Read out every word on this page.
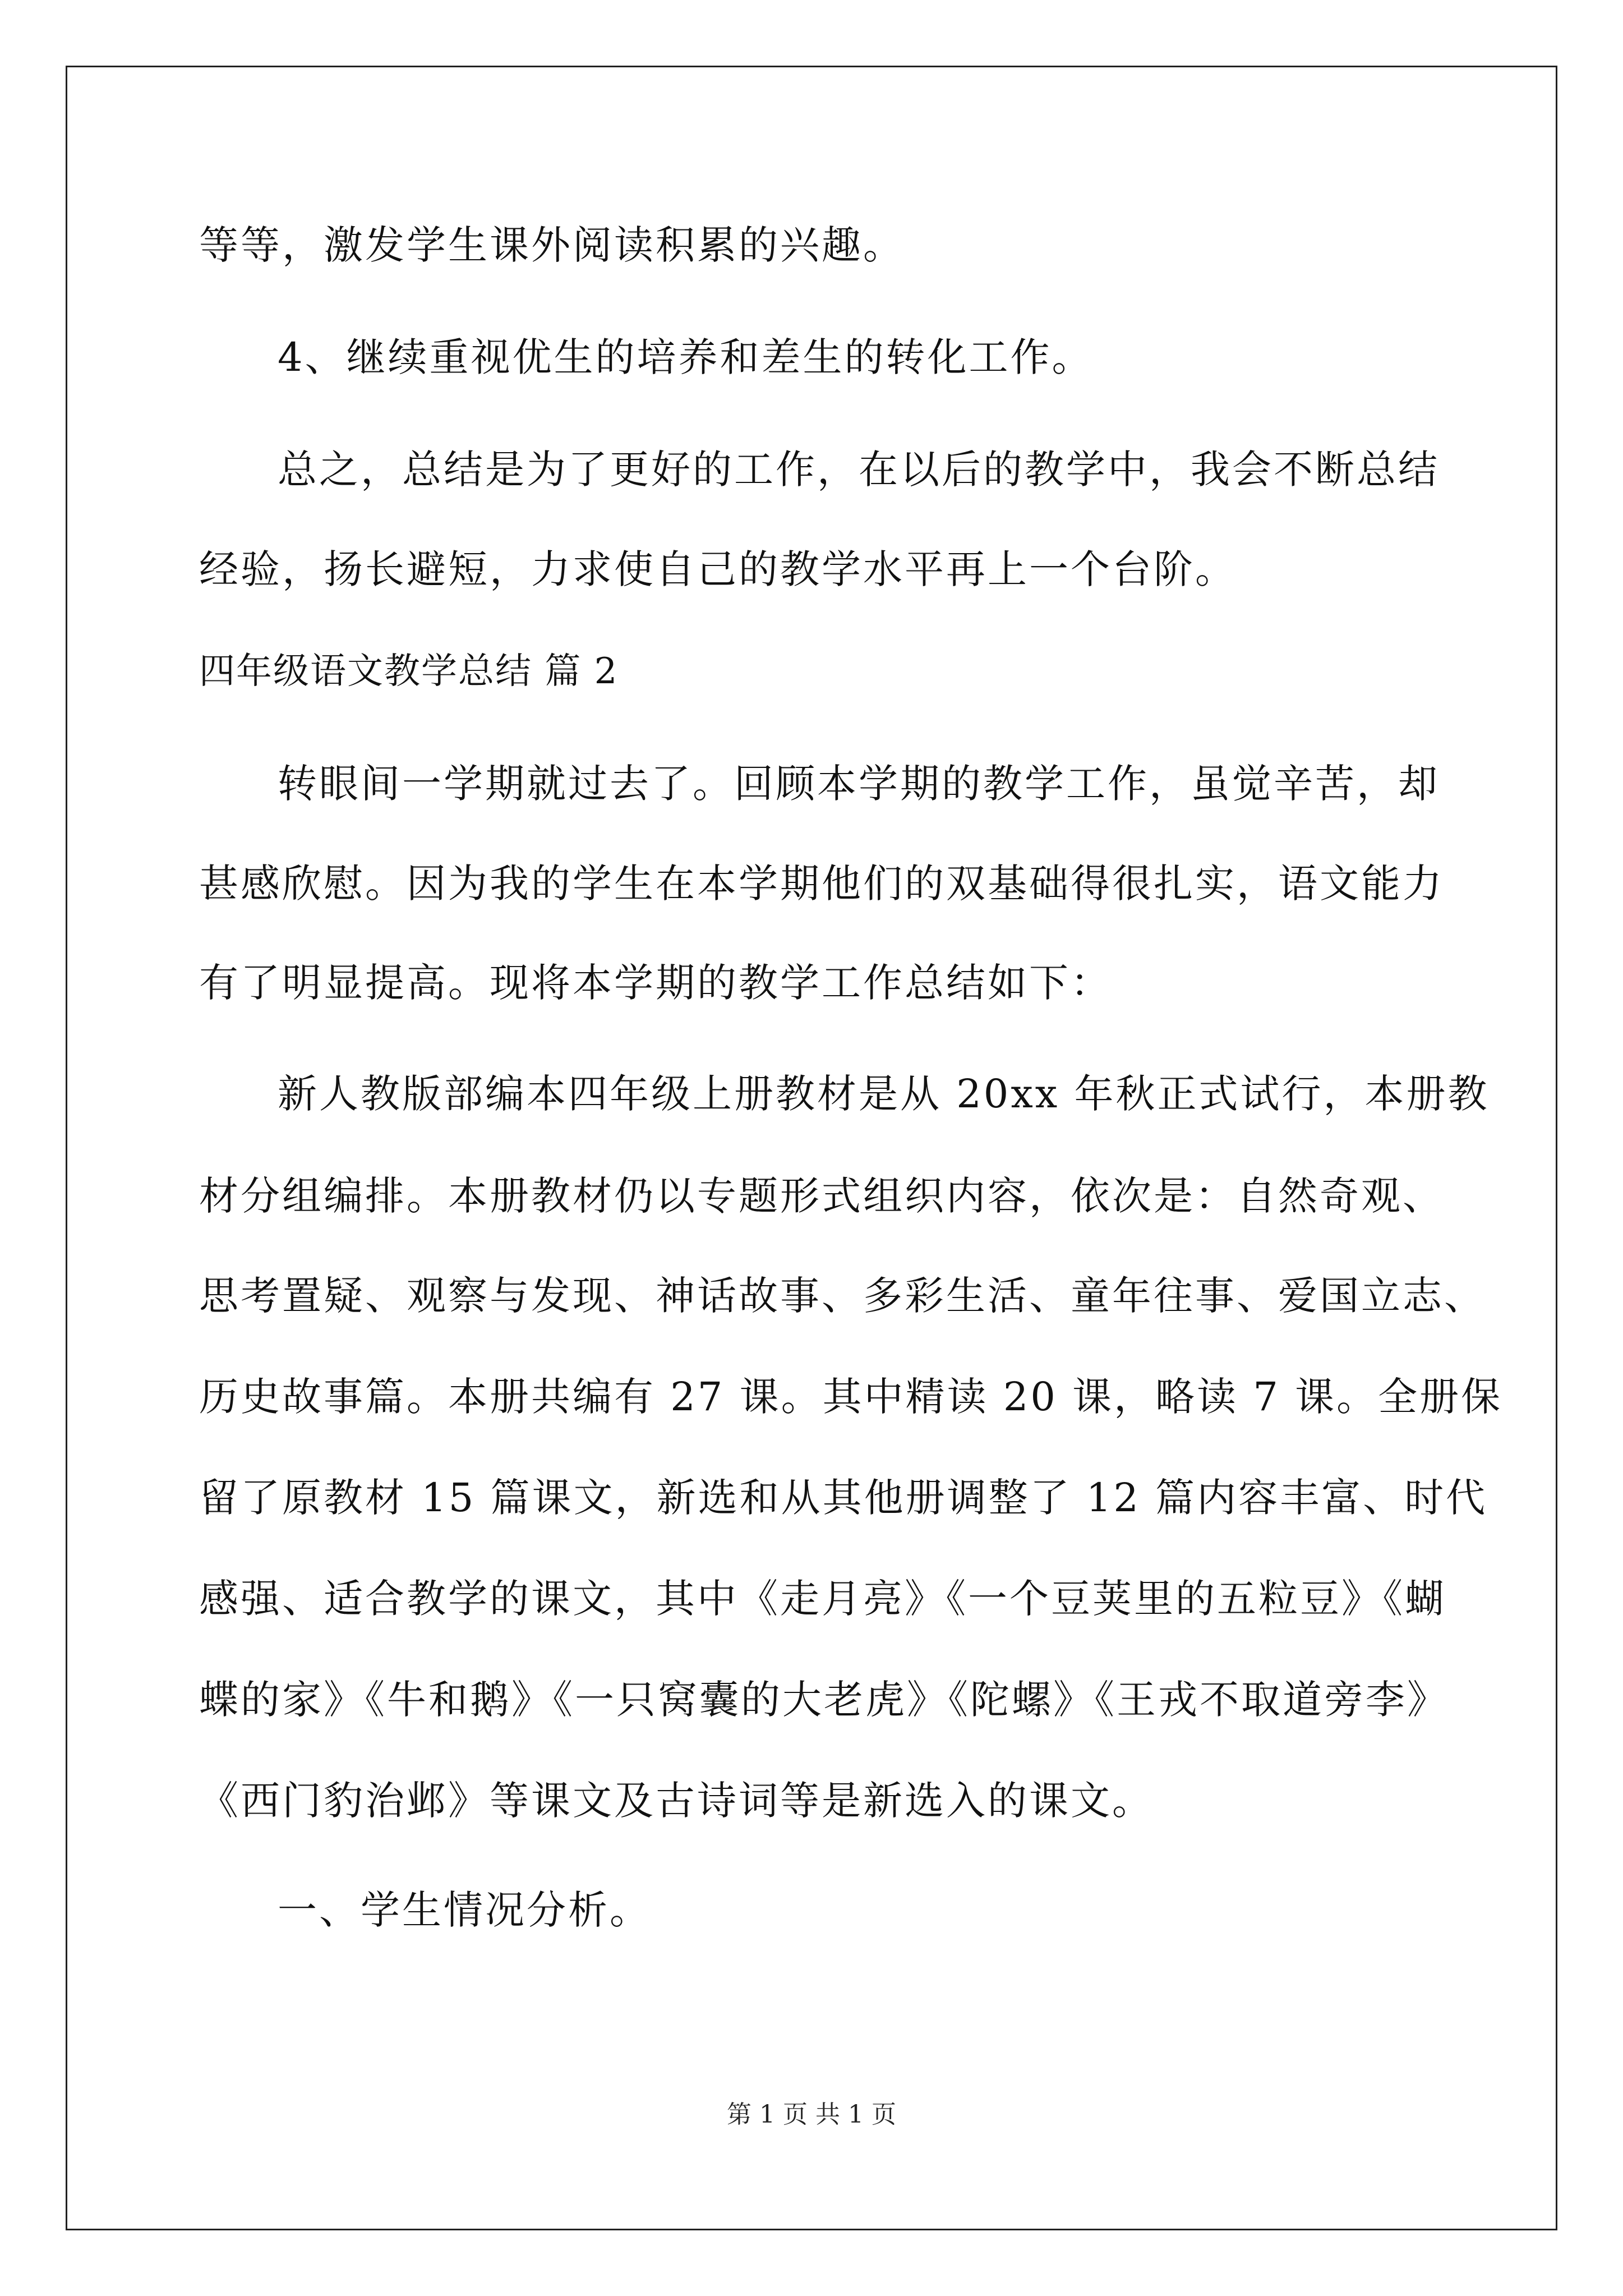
等等，激发学生课外阅读积累的兴趣。
4、继续重视优生的培养和差生的转化工作。
总之，总结是为了更好的工作，在以后的教学中，我会不断总结
经验，扬长避短，力求使自己的教学水平再上一个台阶。
四年级语文教学总结 篇 2
转眼间一学期就过去了。回顾本学期的教学工作，虽觉辛苦，却
甚感欣慰。因为我的学生在本学期他们的双基础得很扎实，语文能力
有了明显提高。现将本学期的教学工作总结如下：
新人教版部编本四年级上册教材是从 20xx 年秋正式试行，本册教
材分组编排。本册教材仍以专题形式组织内容，依次是：自然奇观、
思考置疑、观察与发现、神话故事、多彩生活、童年往事、爱国立志、
历史故事篇。本册共编有 27 课。其中精读 20 课，略读 7 课。全册保
留了原教材 15 篇课文，新选和从其他册调整了 12 篇内容丰富、时代
感强、适合教学的课文，其中《走月亮》《一个豆荚里的五粒豆》《蝴
蝶的家》《牛和鹅》《一只窝囊的大老虎》《陀螺》《王戎不取道旁李》
《西门豹治邺》等课文及古诗词等是新选入的课文。
一、学生情况分析。
第 1 页 共 1 页
